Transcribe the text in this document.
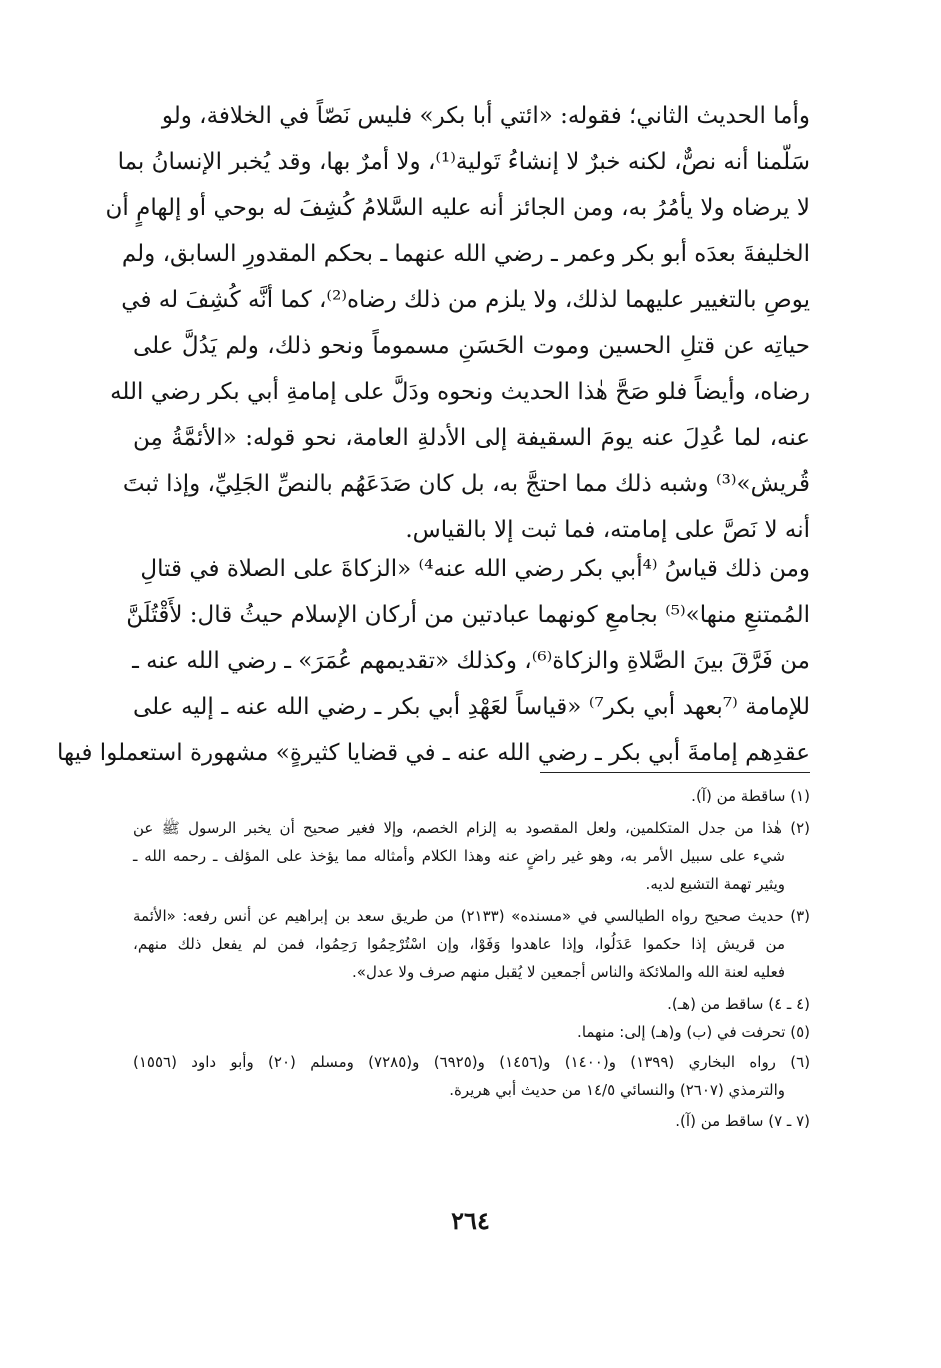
وأما الحديث الثاني؛ فقوله: «ائتي أبا بكر» فليس نَصّاً في الخلافة، ولو
سَلّمنا أنه نصٌّ، لكنه خبرٌ لا إنشاءُ تَولية⁽¹⁾، ولا أمرٌ بها، وقد يُخبر الإنسانُ بما
لا يرضاه ولا يأمُرُ به، ومن الجائز أنه عليه السَّلامُ كُشِفَ له بوحي أو إلهامٍ أن
الخليفةَ بعدَه أبو بكر وعمر ـ رضي الله عنهما ـ بحكم المقدورِ السابق، ولم
يوصِ بالتغيير عليهما لذلك، ولا يلزم من ذلك رضاه⁽²⁾، كما أنَّه كُشِفَ له في
حياتِه عن قتلِ الحسين وموت الحَسَنِ مسموماً ونحو ذلك، ولم يَدُلَّ على
رضاه، وأيضاً فلو صَحَّ هٰذا الحديث ونحوه ودَلَّ على إمامةِ أبي بكر رضي الله
عنه، لما عُدِلَ عنه يومَ السقيفة إلى الأدلةِ العامة، نحو قوله: «الأئمَّةُ مِن
قُريش»⁽³⁾ وشبه ذلك مما احتجَّ به، بل كان صَدَعَهُم بالنصِّ الجَلِيِّ، وإذا ثبتَ
أنه لا نَصَّ على إمامته، فما ثبت إلا بالقياس.
ومن ذلك قياسُ ⁽⁴أبي بكر رضي الله عنه⁴⁾ «الزكاةَ على الصلاة في قتالِ
المُمتنعِ منها»⁽⁵⁾ بجامعِ كونهما عبادتين من أركان الإسلام حيثُ قال: لأَقْتُلَنَّ
من فَرَّقَ بينَ الصَّلاةِ والزكاة⁽⁶⁾، وكذلك «تقديمهم عُمَرَ» ـ رضي الله عنه ـ
للإمامة ⁽⁷بعهد أبي بكر⁷⁾ «قياساً لعَهْدِ أبي بكر ـ رضي الله عنه ـ إليه على
عقدِهم إمامةَ أبي بكر ـ رضي الله عنه ـ في قضايا كثيرةٍ» مشهورة استعملوا فيها
(١) ساقطة من (آ).
(٢) هٰذا من جدل المتكلمين، ولعل المقصود به إلزام الخصم، وإلا فغير صحيح أن يخبر الرسول ﷺ عن
شيء على سبيل الأمر به، وهو غير راضٍ عنه وهذا الكلام وأمثاله مما يؤخذ على المؤلف ـ رحمه الله ـ
ويثير تهمة التشيع لديه.
(٣) حديث صحيح رواه الطيالسي في «مسنده» (٢١٣٣) من طريق سعد بن إبراهيم عن أنس رفعه: «الأئمة
من قريش إذا حكموا عَدَلُوا، وإذا عاهدوا وَفَوْا، وإن اسْتُرْحِمُوا رَحِمُوا، فمن لم يفعل ذلك منهم،
فعليه لعنة الله والملائكة والناس أجمعين لا يُقبل منهم صرف ولا عدل».
(٤ ـ ٤) ساقط من (هـ).
(٥) تحرفت في (ب) و(هـ) إلى: منهما.
(٦) رواه البخاري (١٣٩٩) و(١٤٠٠) و(١٤٥٦) و(٦٩٢٥) و(٧٢٨٥) ومسلم (٢٠) وأبو داود (١٥٥٦)
والترمذي (٢٦٠٧) والنسائي ١٤/٥ من حديث أبي هريرة.
(٧ ـ ٧) ساقط من (آ).
٢٦٤
